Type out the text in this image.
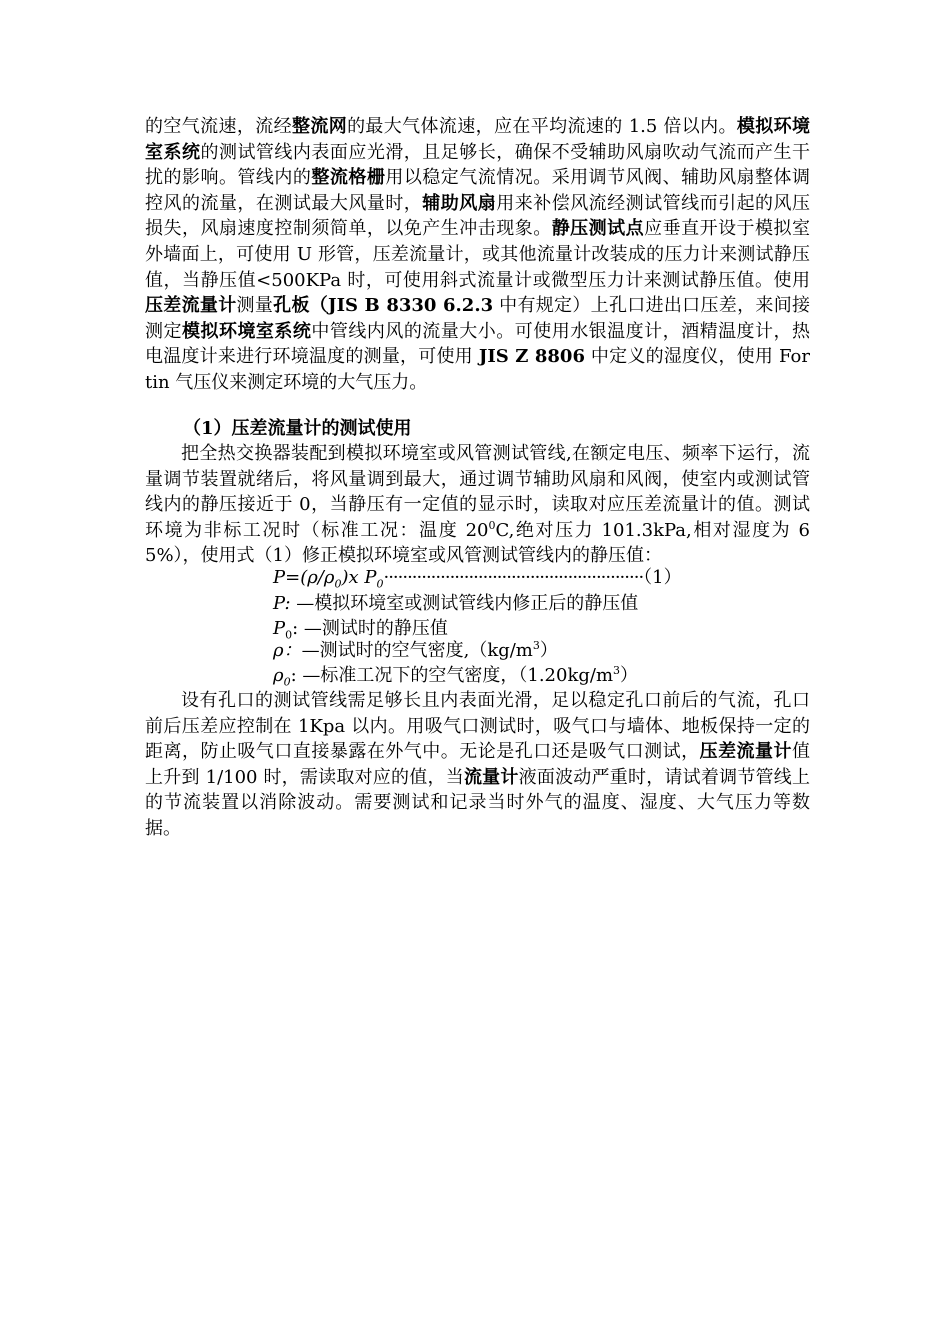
的空气流速，流经整流网的最大气体流速，应在平均流速的 1.5 倍以内。模拟环境室系统的测试管线内表面应光滑，且足够长，确保不受辅助风扇吹动气流而产生干扰的影响。管线内的整流格栅用以稳定气流情况。采用调节风阀、辅助风扇整体调控风的流量，在测试最大风量时，辅助风扇用来补偿风流经测试管线而引起的风压损失，风扇速度控制须简单，以免产生冲击现象。静压测试点应垂直开设于模拟室外墙面上，可使用 U 形管，压差流量计，或其他流量计改装成的压力计来测试静压值，当静压值<500KPa 时，可使用斜式流量计或微型压力计来测试静压值。使用压差流量计测量孔板（JIS B 8330 6.2.3 中有规定）上孔口进出口压差，来间接测定模拟环境室系统中管线内风的流量大小。可使用水银温度计，酒精温度计，热电温度计来进行环境温度的测量，可使用 JIS Z 8806 中定义的湿度仪，使用 Fortin 气压仪来测定环境的大气压力。
（1）压差流量计的测试使用
把全热交换器装配到模拟环境室或风管测试管线,在额定电压、频率下运行，流量调节装置就绪后，将风量调到最大，通过调节辅助风扇和风阀，使室内或测试管线内的静压接近于 0，当静压有一定值的显示时，读取对应压差流量计的值。测试环境为非标工况时（标准工况：温度 $20^0C$,绝对压力 101.3kPa,相对湿度为 65%），使用式（1）修正模拟环境室或风管测试管线内的静压值：
$P=(\rho/\rho_0)x$ $P_0\cdot\cdot\cdot\cdot\cdot\cdot\cdot\cdot\cdot\cdot\cdot\cdot\cdot\cdot\cdot\cdot\cdot\cdot\cdot\cdot\cdot\cdot\cdot\cdot\cdot\cdot\cdot\cdot\cdot\cdot\cdot\cdot\cdot\cdot\cdot\cdot\cdot\cdot\cdot\cdot\cdot\cdot\cdot\cdot\cdot\cdot\cdot\cdot\cdot\cdot\cdot\cdot\cdot\cdot\cdot(1)$
P: —模拟环境室或测试管线内修正后的静压值
$P_0$: —测试时的静压值
ρ：—测试时的空气密度$,(kg/m^3)$
$\rho_0$: —标准工况下的空气密度，$(1.20kg/m^3)$
设有孔口的测试管线需足够长且内表面光滑，足以稳定孔口前后的气流，孔口前后压差应控制在 1Kpa 以内。用吸气口测试时，吸气口与墙体、地板保持一定的距离，防止吸气口直接暴露在外气中。无论是孔口还是吸气口测试，压差流量计值上升到 1/100 时，需读取对应的值，当流量计液面波动严重时，请试着调节管线上的节流装置以消除波动。需要测试和记录当时外气的温度、湿度、大气压力等数据。
